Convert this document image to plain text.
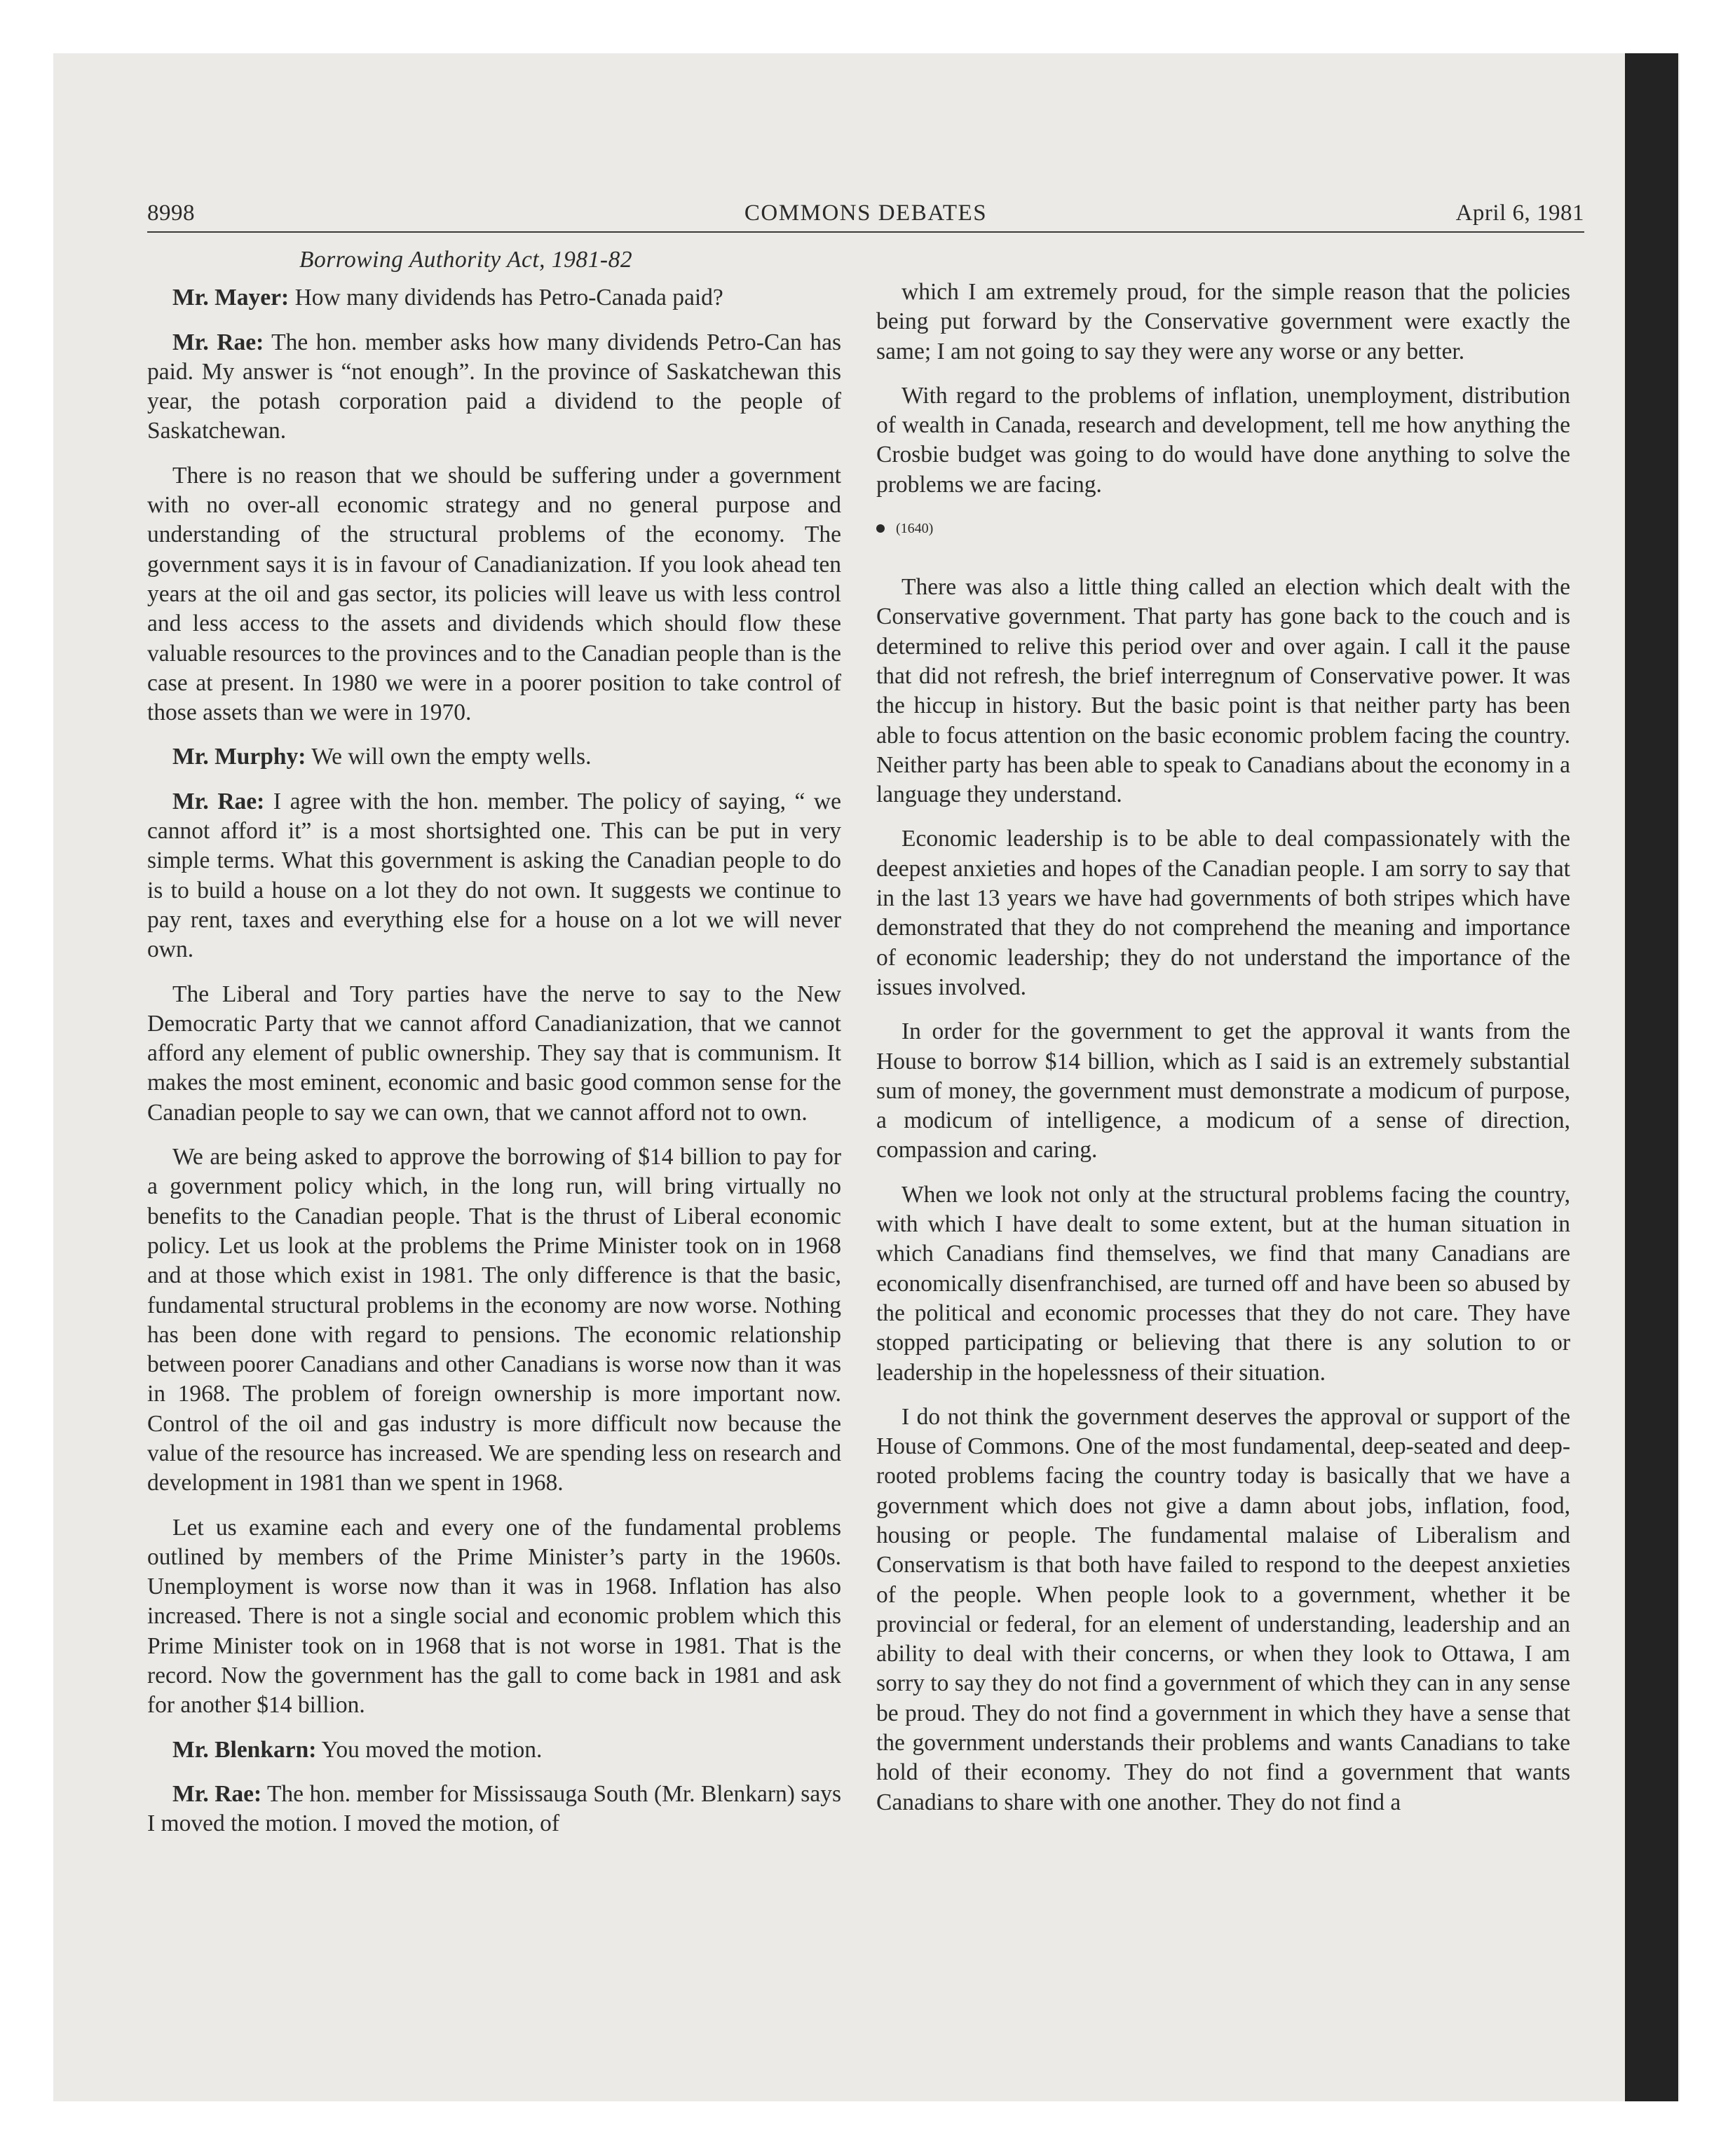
8998	COMMONS DEBATES	April 6, 1981

Borrowing Authority Act, 1981-82

Mr. Mayer: How many dividends has Petro-Canada paid?

Mr. Rae: The hon. member asks how many dividends Petro-Can has paid. My answer is “not enough”. In the province of Saskatchewan this year, the potash corporation paid a dividend to the people of Saskatchewan.

There is no reason that we should be suffering under a government with no over-all economic strategy and no general purpose and understanding of the structural problems of the economy. The government says it is in favour of Canadianization. If you look ahead ten years at the oil and gas sector, its policies will leave us with less control and less access to the assets and dividends which should flow these valuable resources to the provinces and to the Canadian people than is the case at present. In 1980 we were in a poorer position to take control of those assets than we were in 1970.

Mr. Murphy: We will own the empty wells.

Mr. Rae: I agree with the hon. member. The policy of saying, “ we cannot afford it” is a most shortsighted one. This can be put in very simple terms. What this government is asking the Canadian people to do is to build a house on a lot they do not own. It suggests we continue to pay rent, taxes and everything else for a house on a lot we will never own.

The Liberal and Tory parties have the nerve to say to the New Democratic Party that we cannot afford Canadianization, that we cannot afford any element of public ownership. They say that is communism. It makes the most eminent, economic and basic good common sense for the Canadian people to say we can own, that we cannot afford not to own.

We are being asked to approve the borrowing of $14 billion to pay for a government policy which, in the long run, will bring virtually no benefits to the Canadian people. That is the thrust of Liberal economic policy. Let us look at the problems the Prime Minister took on in 1968 and at those which exist in 1981. The only difference is that the basic, fundamental structural problems in the economy are now worse. Nothing has been done with regard to pensions. The economic relationship between poorer Canadians and other Canadians is worse now than it was in 1968. The problem of foreign ownership is more important now. Control of the oil and gas industry is more difficult now because the value of the resource has increased. We are spending less on research and development in 1981 than we spent in 1968.

Let us examine each and every one of the fundamental problems outlined by members of the Prime Minister’s party in the 1960s. Unemployment is worse now than it was in 1968. Inflation has also increased. There is not a single social and economic problem which this Prime Minister took on in 1968 that is not worse in 1981. That is the record. Now the government has the gall to come back in 1981 and ask for another $14 billion.

Mr. Blenkarn: You moved the motion.

Mr. Rae: The hon. member for Mississauga South (Mr. Blenkarn) says I moved the motion. I moved the motion, of

which I am extremely proud, for the simple reason that the policies being put forward by the Conservative government were exactly the same; I am not going to say they were any worse or any better.

With regard to the problems of inflation, unemployment, distribution of wealth in Canada, research and development, tell me how anything the Crosbie budget was going to do would have done anything to solve the problems we are facing.

(1640)

There was also a little thing called an election which dealt with the Conservative government. That party has gone back to the couch and is determined to relive this period over and over again. I call it the pause that did not refresh, the brief interregnum of Conservative power. It was the hiccup in history. But the basic point is that neither party has been able to focus attention on the basic economic problem facing the country. Neither party has been able to speak to Canadians about the economy in a language they understand.

Economic leadership is to be able to deal compassionately with the deepest anxieties and hopes of the Canadian people. I am sorry to say that in the last 13 years we have had governments of both stripes which have demonstrated that they do not comprehend the meaning and importance of economic leadership; they do not understand the importance of the issues involved.

In order for the government to get the approval it wants from the House to borrow $14 billion, which as I said is an extremely substantial sum of money, the government must demonstrate a modicum of purpose, a modicum of intelligence, a modicum of a sense of direction, compassion and caring.

When we look not only at the structural problems facing the country, with which I have dealt to some extent, but at the human situation in which Canadians find themselves, we find that many Canadians are economically disenfranchised, are turned off and have been so abused by the political and economic processes that they do not care. They have stopped participating or believing that there is any solution to or leadership in the hopelessness of their situation.

I do not think the government deserves the approval or support of the House of Commons. One of the most fundamental, deep-seated and deep-rooted problems facing the country today is basically that we have a government which does not give a damn about jobs, inflation, food, housing or people. The fundamental malaise of Liberalism and Conservatism is that both have failed to respond to the deepest anxieties of the people. When people look to a government, whether it be provincial or federal, for an element of understanding, leadership and an ability to deal with their concerns, or when they look to Ottawa, I am sorry to say they do not find a government of which they can in any sense be proud. They do not find a government in which they have a sense that the government understands their problems and wants Canadians to take hold of their economy. They do not find a government that wants Canadians to share with one another. They do not find a
